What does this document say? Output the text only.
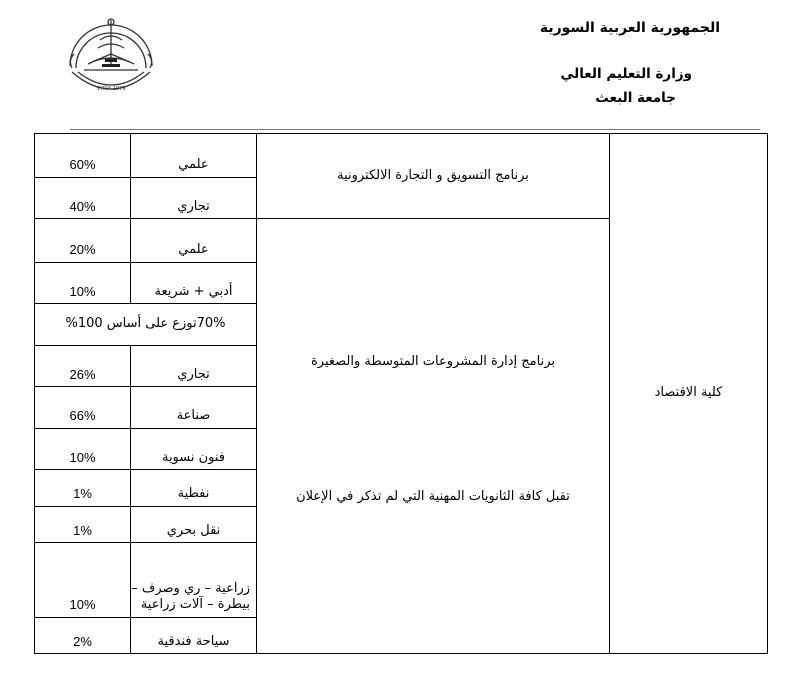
SYRIA 1979
الجمهورية العربية السورية
وزارة التعليم العالي
جامعة البعث
60%	علمي	برنامج التسويق و التجارة الالكترونية	كلية الاقتصاد
40%	تجاري		
20%	علمي	برنامج إدارة المشروعات المتوسطة والصغيرة
تقبل كافة الثانويات المهنية التي لم تذكر في الإعلان	

10%	أدبي + شريعة		
70%توزع على أساس 100%			
26%	تجاري		
66%	صناعة		
10%	فنون نسوية		
1%	نفطية		
1%	نقل بحري		
10%	زراعية – ري وصرف – بيطرة – آلات زراعية		
2%	سياحة فندقية		
